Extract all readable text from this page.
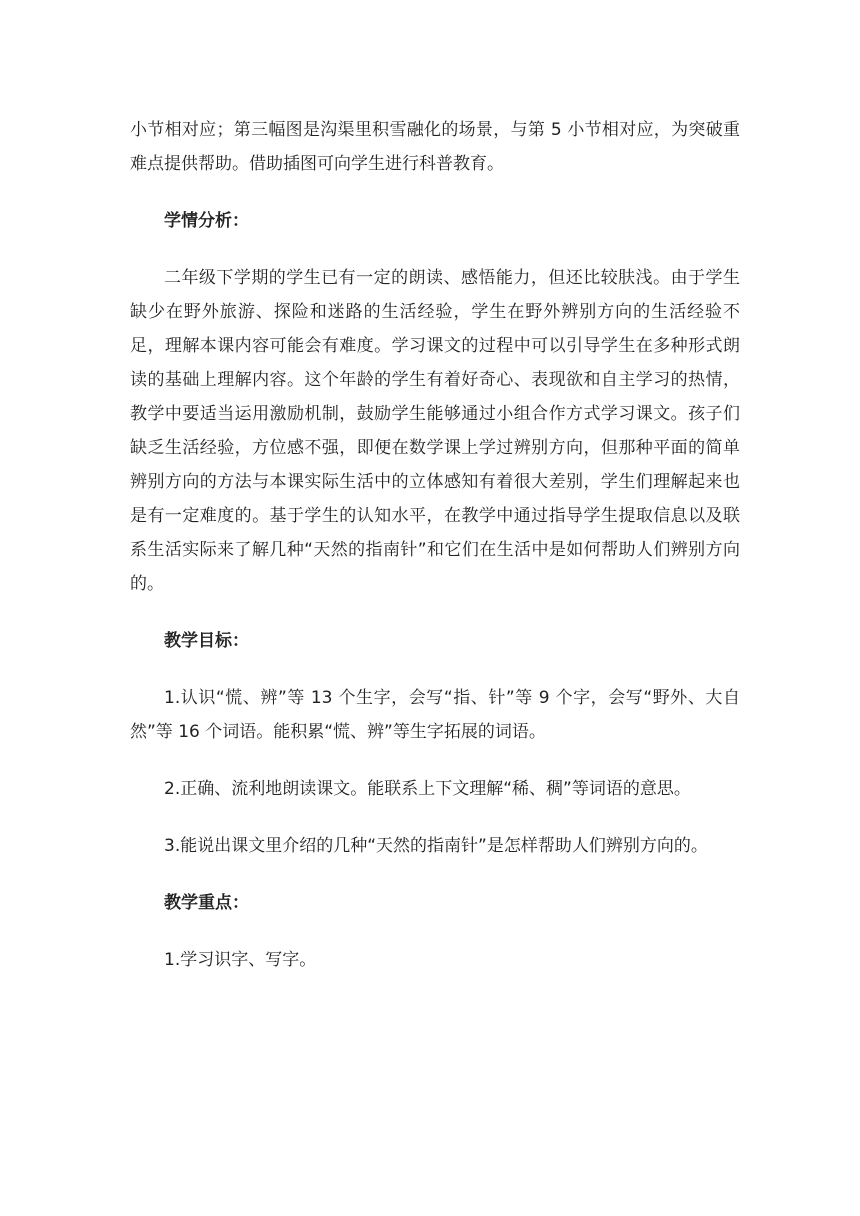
小节相对应；第三幅图是沟渠里积雪融化的场景，与第 5 小节相对应，为突破重难点提供帮助。借助插图可向学生进行科普教育。

学情分析：

二年级下学期的学生已有一定的朗读、感悟能力，但还比较肤浅。由于学生缺少在野外旅游、探险和迷路的生活经验，学生在野外辨别方向的生活经验不足，理解本课内容可能会有难度。学习课文的过程中可以引导学生在多种形式朗读的基础上理解内容。这个年龄的学生有着好奇心、表现欲和自主学习的热情，教学中要适当运用激励机制，鼓励学生能够通过小组合作方式学习课文。孩子们缺乏生活经验，方位感不强，即便在数学课上学过辨别方向，但那种平面的简单辨别方向的方法与本课实际生活中的立体感知有着很大差别，学生们理解起来也是有一定难度的。基于学生的认知水平，在教学中通过指导学生提取信息以及联系生活实际来了解几种“天然的指南针”和它们在生活中是如何帮助人们辨别方向的。

教学目标：

1.认识“慌、辨”等 13 个生字，会写“指、针”等 9 个字，会写“野外、大自然”等 16 个词语。能积累“慌、辨”等生字拓展的词语。

2.正确、流利地朗读课文。能联系上下文理解“稀、稠”等词语的意思。

3.能说出课文里介绍的几种“天然的指南针”是怎样帮助人们辨别方向的。

教学重点：

1.学习识字、写字。
